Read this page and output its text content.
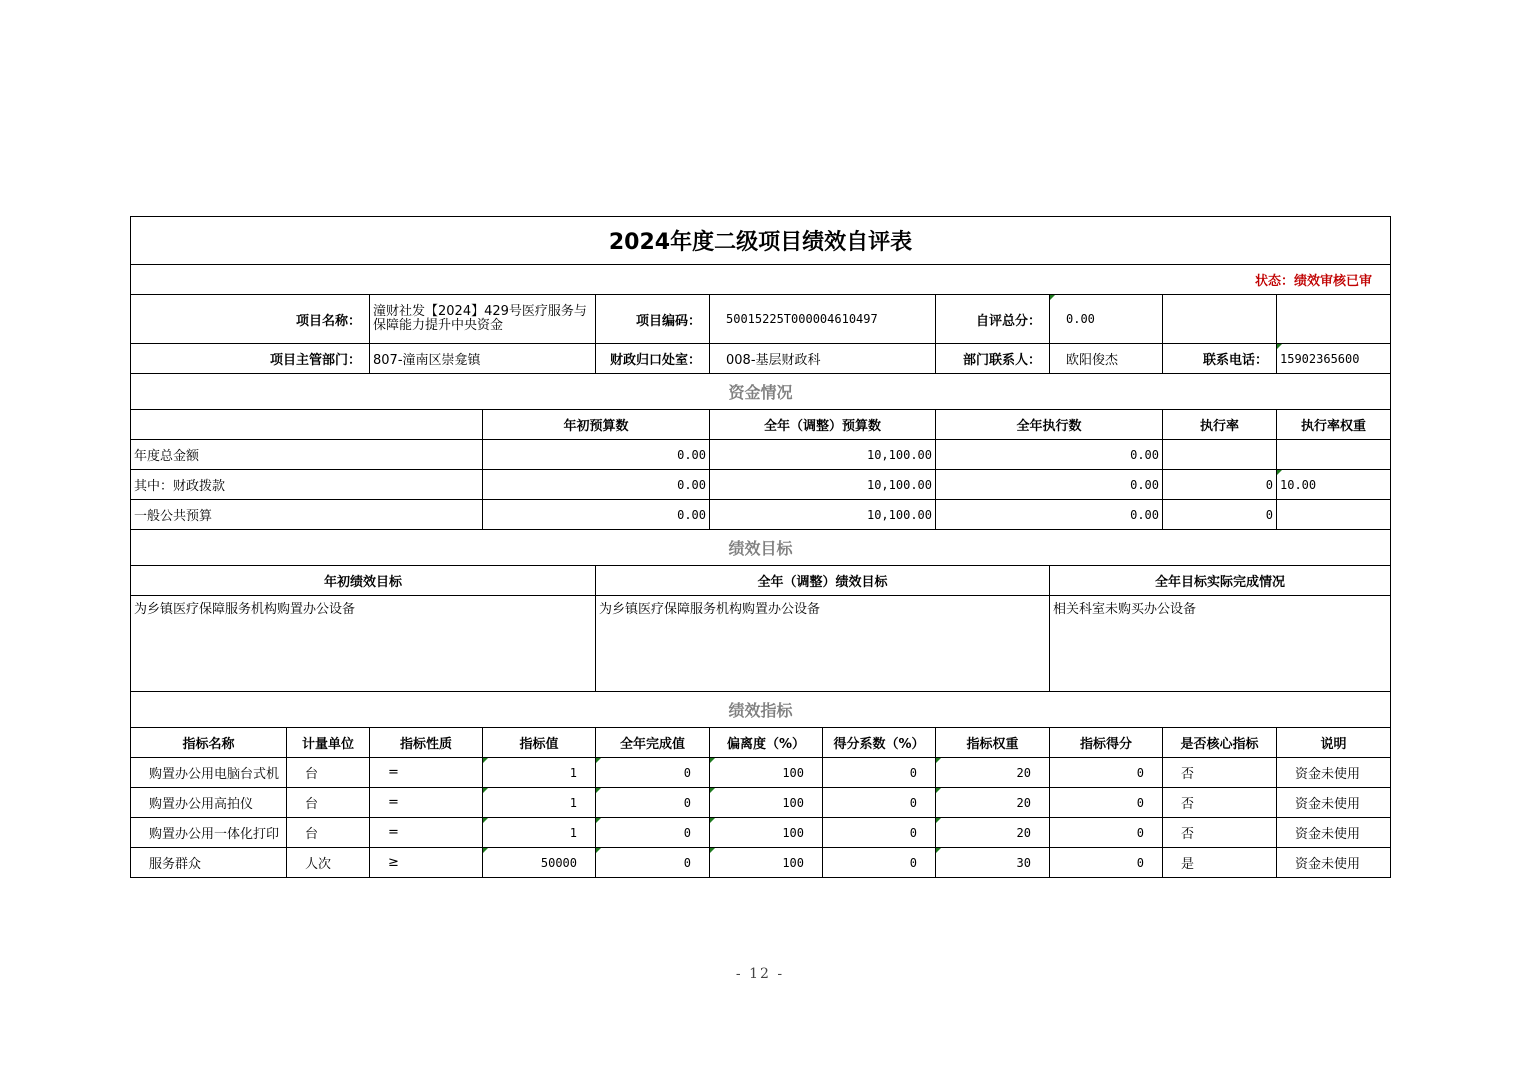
2024年度二级项目绩效自评表											
状态：绩效审核已审											
项目名称：		潼财社发【2024】429号医疗服务与保障能力提升中央资金		项目编码：	50015225T000004610497		自评总分：	0.00			
项目主管部门：		807-潼南区崇龛镇		财政归口处室：	008-基层财政科		部门联系人：	欧阳俊杰	联系电话：	15902365600	
资金情况											
			年初预算数		全年（调整）预算数		全年执行数		执行率	执行率权重	
年度总金额			0.00		10,100.00		0.00				
其中：财政拨款			0.00		10,100.00		0.00		0	10.00	
一般公共预算			0.00		10,100.00		0.00		0		
绩效目标											
年初绩效目标				全年（调整）绩效目标				全年目标实际完成情况			
为乡镇医疗保障服务机构购置办公设备				为乡镇医疗保障服务机构购置办公设备				相关科室未购买办公设备			
绩效指标											
指标名称	计量单位	指标性质	指标值	全年完成值	偏离度（%）	得分系数（%）	指标权重	指标得分	是否核心指标	说明	
购置办公用电脑台式机	台	=	1	0	100	0	20	0	否	资金未使用	
购置办公用高拍仪	台	=	1	0	100	0	20	0	否	资金未使用	
购置办公用一体化打印	台	=	1	0	100	0	20	0	否	资金未使用	
服务群众	人次	≥	50000	0	100	0	30	0	是	资金未使用	
- 12 -
